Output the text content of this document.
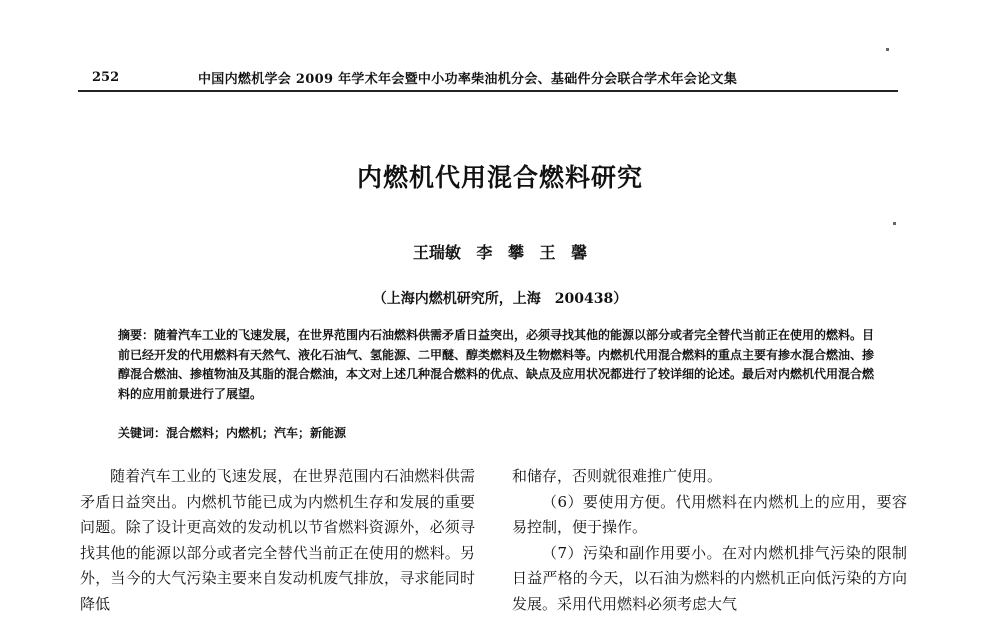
252	中国内燃机学会 2009 年学术年会暨中小功率柴油机分会、基础件分会联合学术年会论文集
内燃机代用混合燃料研究
王瑞敏 李 攀 王 馨
（上海内燃机研究所，上海　200438）
摘要：随着汽车工业的飞速发展，在世界范围内石油燃料供需矛盾日益突出，必须寻找其他的能源以部分或者完全替代当前正在使用的燃料。目前已经开发的代用燃料有天然气、液化石油气、氢能源、二甲醚、醇类燃料及生物燃料等。内燃机代用混合燃料的重点主要有掺水混合燃油、掺醇混合燃油、掺植物油及其脂的混合燃油，本文对上述几种混合燃料的优点、缺点及应用状况都进行了较详细的论述。最后对内燃机代用混合燃料的应用前景进行了展望。
关键词：混合燃料；内燃机；汽车；新能源

随着汽车工业的飞速发展，在世界范围内石油燃料供需矛盾日益突出。内燃机节能已成为内燃机生存和发展的重要问题。除了设计更高效的发动机以节省燃料资源外，必须寻找其他的能源以部分或者完全替代当前正在使用的燃料。另外，当今的大气污染主要来自发动机废气排放，寻求能同时降低

和储存，否则就很难推广使用。

（6）要使用方便。代用燃料在内燃机上的应用，要容易控制，便于操作。

（7）污染和副作用要小。在对内燃机排气污染的限制日益严格的今天，以石油为燃料的内燃机正向低污染的方向发展。采用代用燃料必须考虑大气
